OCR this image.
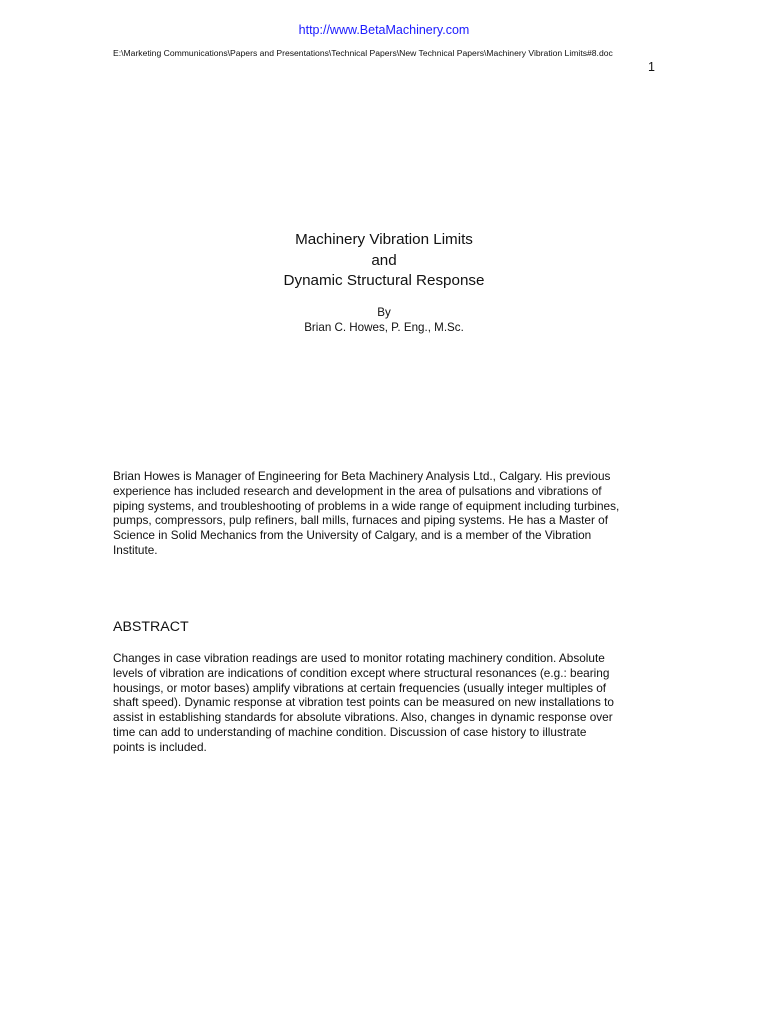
http://www.BetaMachinery.com
E:\Marketing Communications\Papers and Presentations\Technical Papers\New Technical Papers\Machinery Vibration Limits#8.doc
1
Machinery Vibration Limits
and
Dynamic Structural Response
By
Brian C. Howes, P. Eng., M.Sc.
Brian Howes is Manager of Engineering for Beta Machinery Analysis Ltd., Calgary. His previous
experience has included research and development in the area of pulsations and vibrations of
piping systems, and troubleshooting of problems in a wide range of equipment including turbines,
pumps, compressors, pulp refiners, ball mills, furnaces and piping systems. He has a Master of
Science in Solid Mechanics from the University of Calgary, and is a member of the Vibration
Institute.
ABSTRACT
Changes in case vibration readings are used to monitor rotating machinery condition. Absolute
levels of vibration are indications of condition except where structural resonances (e.g.: bearing
housings, or motor bases) amplify vibrations at certain frequencies (usually integer multiples of
shaft speed). Dynamic response at vibration test points can be measured on new installations to
assist in establishing standards for absolute vibrations. Also, changes in dynamic response over
time can add to understanding of machine condition. Discussion of case history to illustrate
points is included.
